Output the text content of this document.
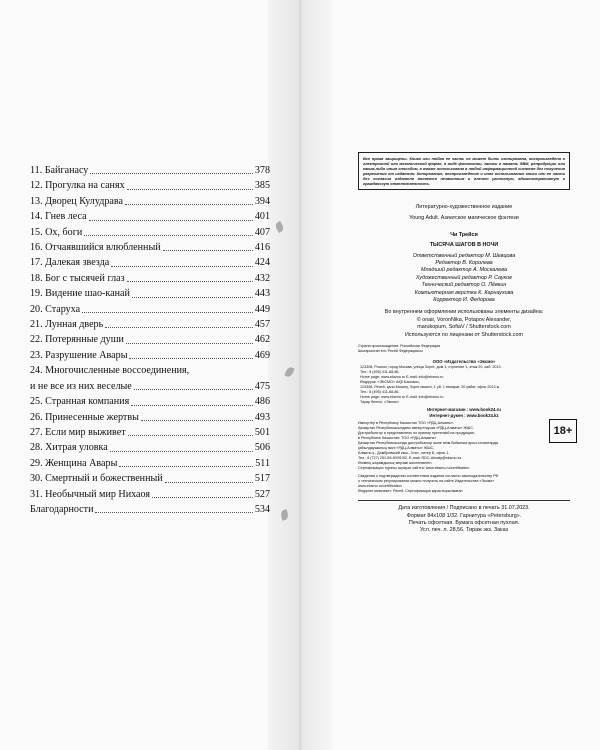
11. Байганасу	378
12. Прогулка на санях	385
13. Дворец Кулудрава	394
14. Гнев леса	401
15. Ох, боги	407
16. Отчаявшийся влюбленный	416
17. Далекая звезда	424
18. Бог с тысячей глаз	432
19. Видение шао-канай	443
20. Старуха	449
21. Лунная дверь	457
22. Потерянные души	462
23. Разрушение Авары	469
24. Многочисленные воссоединения,
и не все из них веселые	475
25. Странная компания	486
26. Принесенные жертвы	493
27. Если мир выживет	501
28. Хитрая уловка	506
29. Женщина Авары	511
30. Смертный и божественный	517
31. Необычный мир Нихаоя	527
Благодарности	534
Все права защищены. Книга или любая ее часть не может быть скопирована, воспроизведена в электронной или механической форме, в виде фотокопии, записи в память ЭВМ, репродукции или каким-либо иным способом, а также использована в любой информационной системе без получения разрешения от издателя. Копирование, воспроизведение и иное использование книги или ее части без согласия издателя является незаконным и влечет уголовную, административную и гражданскую ответственность.
Литературно-художественное издание
Young Adult. Азиатское магическое фэнтези
Чи Трейси
ТЫСЯЧА ШАГОВ В НОЧИ
Ответственный редактор М. Шевцова
Редактор В. Королева
Младший редактор А. Москалева
Художественный редактор Р. Саукое
Технический редактор О. Лёвкин
Компьютерная верстка К. Карнаухова
Корректор И. Федорова
Во внутреннем оформлении использованы элементы дизайна:
© onair, VoronNika, Potapov Alexander,
marukopum, SofiaV / Shutterstock.com
Используются по лицензии от Shutterstock.com
Страна происхождения: Российская Федерация
Шығарылған елі: Ресей Федерациясы
ООО «Издательство «Эксмо»
123308, Россия, город Москва, улица Зорге, дом 1, строение 1, этаж 20, каб. 2013.
Тел.: 8 (495) 411-68-86.
Home page: www.eksmo.ru E-mail: info@eksmo.ru
Өндіруші: «ЭКСМО» АҚБ Баспасы,
123308, Ресей, қала Мәскеу, Зорге көшесі, 1 үй, 1 ғимарат, 20 қабат, офис 2013 ж.
Тел.: 8 (495) 411-68-86.
Home page: www.eksmo.ru E-mail: info@eksmo.ru
Тауар белгісі: «Эксмо»
Интернет-магазин : www.book24.ru
Интернет-дүкен : www.book24.kz
Импортёр в Республику Казахстан ТОО «РДЦ-Алматы».
Қазақстан Республикасындағы импорттаушы «РДЦ-Алматы» ЖШС.
Дистрибьютор и представитель по приему претензий на продукцию,
в Республике Казахстан: ТОО «РДЦ-Алматы»
Қазақстан Республикасында дистрибьютор және өнім бойынша арыз-талаптарды
қабылдаушының өкілі «РДЦ-Алматы» ЖШС,
Алматы қ., Домбровский көш., 3«а», литер Б, офис 1.
Тел.: 8 (727) 251-59-90/91/92. E-mail: RDC-Almaty@eksmo.kz
Өнімнің жарамдылық мерзімі шектелмеген.
Сертификация туралы ақпарат сайтта: www.eksmo.ru/certification
Сведения о подтверждении соответствия издания согласно законодательству РФ
о техническом регулировании можно получить на сайте Издательства «Эксмо»
www.eksmo.ru/certification
Өндірген мемлекет: Ресей. Сертификация қарастырылмаған
Дата изготовления / Подписано в печать 31.07.2023.
Формат 84x108 1/32. Гарнитура «Petersburg».
Печать офсетная. Бумага офсетная пухлая.
Усл. печ. л. 28,56. Тираж экз. Заказ
18+
